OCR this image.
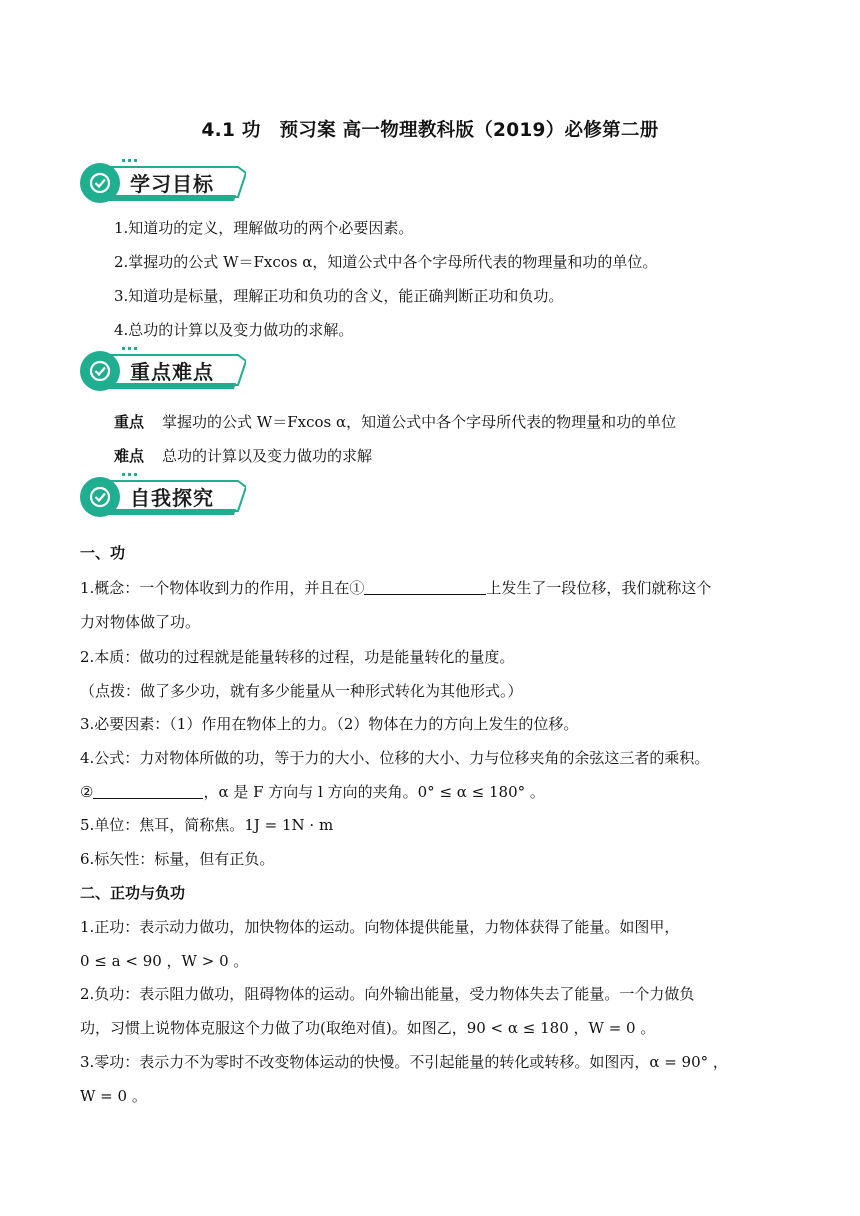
4.1 功　预习案 高一物理教科版（2019）必修第二册
学习目标
1.知道功的定义，理解做功的两个必要因素。
2.掌握功的公式 W＝Fxcos α，知道公式中各个字母所代表的物理量和功的单位。
3.知道功是标量，理解正功和负功的含义，能正确判断正功和负功。
4.总功的计算以及变力做功的求解。
重点难点
重点 掌握功的公式 W＝Fxcos α，知道公式中各个字母所代表的物理量和功的单位
难点 总功的计算以及变力做功的求解
自我探究
一、功
1.概念：一个物体收到力的作用，并且在①	上发生了一段位移，我们就称这个
力对物体做了功。
2.本质：做功的过程就是能量转移的过程，功是能量转化的量度。
（点拨：做了多少功，就有多少能量从一种形式转化为其他形式。）
3.必要因素：（1）作用在物体上的力。（2）物体在力的方向上发生的位移。
4.公式：力对物体所做的功，等于力的大小、位移的大小、力与位移夹角的余弦这三者的乘积。
②	，α 是 F 方向与 l 方向的夹角。0° ≤ α ≤ 180° 。
5.单位：焦耳，简称焦。1J = 1N · m
6.标矢性：标量，但有正负。
二、正功与负功
1.正功：表示动力做功，加快物体的运动。向物体提供能量，力物体获得了能量。如图甲，
0 ≤ a < 90 ，W > 0 。
2.负功：表示阻力做功，阻碍物体的运动。向外输出能量，受力物体失去了能量。一个力做负
功，习惯上说物体克服这个力做了功(取绝对值)。如图乙，90 < α ≤ 180 ，W = 0 。
3.零功：表示力不为零时不改变物体运动的快慢。不引起能量的转化或转移。如图丙，α = 90° ，
W = 0 。
